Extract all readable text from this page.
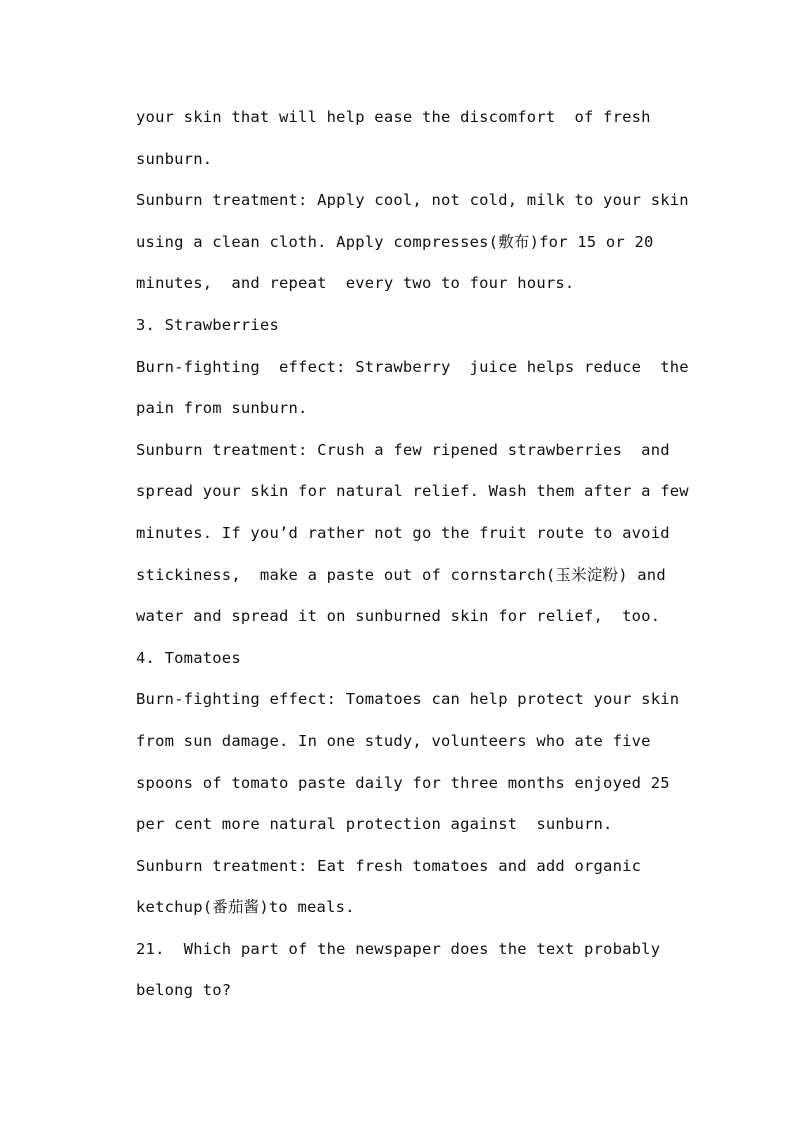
your skin that will help ease the discomfort  of fresh
sunburn.
Sunburn treatment: Apply cool, not cold, milk to your skin
using a clean cloth. Apply compresses(敷布)for 15 or 20
minutes,  and repeat  every two to four hours.
3. Strawberries
Burn-fighting  effect: Strawberry  juice helps reduce  the
pain from sunburn.
Sunburn treatment: Crush a few ripened strawberries  and
spread your skin for natural relief. Wash them after a few
minutes. If you’d rather not go the fruit route to avoid
stickiness,  make a paste out of cornstarch(玉米淀粉) and
water and spread it on sunburned skin for relief,  too.
4. Tomatoes
Burn-fighting effect: Tomatoes can help protect your skin
from sun damage. In one study, volunteers who ate five
spoons of tomato paste daily for three months enjoyed 25
per cent more natural protection against  sunburn.
Sunburn treatment: Eat fresh tomatoes and add organic
ketchup(番茄酱)to meals.
21.  Which part of the newspaper does the text probably
belong to?
